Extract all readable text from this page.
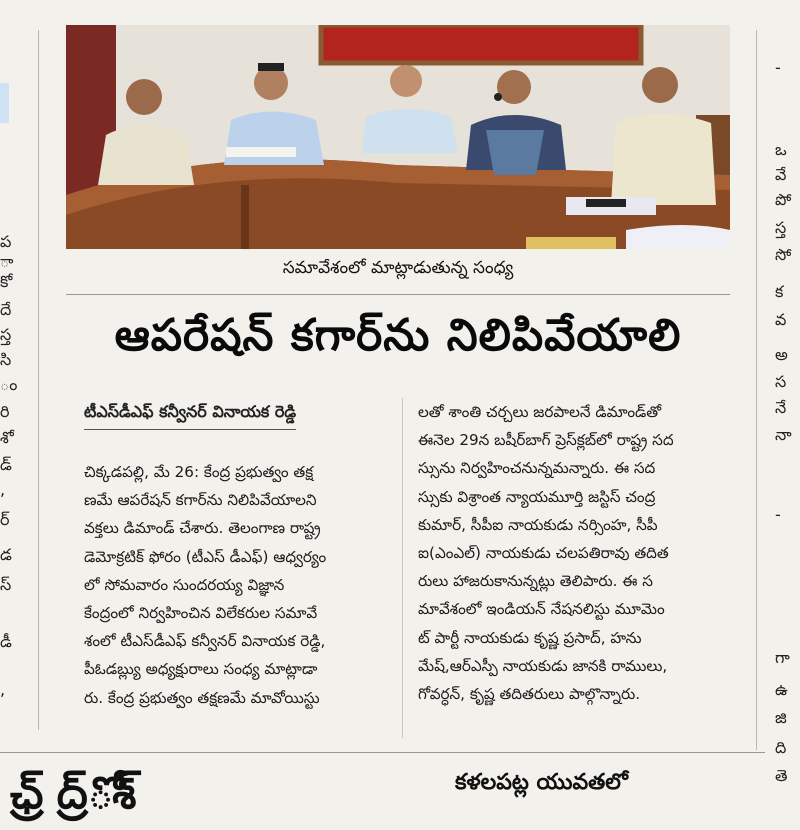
ప
ా
కో
దే
స్త
సి
ం
రి
శో
డ్
,
ర్
డ
స్
డీ
,
-
ఒ
వే
పో
స్త
సో
క
వ
అ
స
నే
నా
-
గా
ఉ
జి
ది
తె
సమావేశంలో మాట్లాడుతున్న సంధ్య
ఆపరేషన్ కగార్‌ను నిలిపివేయాలి
టీఎస్‌డీఎఫ్ కన్వీనర్ వినాయక రెడ్డి
చిక్కడపల్లి, మే 26: కేంద్ర ప్రభుత్వం తక్ష
ణమే ఆపరేషన్ కగార్‌ను నిలిపివేయాలని
వక్తలు డిమాండ్ చేశారు. తెలంగాణ రాష్ట్ర
డెమోక్రటిక్ ఫోరం (టీఎస్ డీఎఫ్) ఆధ్వర్యం
లో సోమవారం సుందరయ్య విజ్ఞాన
కేంద్రంలో నిర్వహించిన విలేకరుల సమావే
శంలో టీఎస్‌డీఎఫ్ కన్వీనర్ వినాయక రెడ్డి,
పీఓడబ్ల్యు అధ్యక్షురాలు సంధ్య మాట్లాడా
రు. కేంద్ర ప్రభుత్వం తక్షణమే మావోయిస్టు
లతో శాంతి చర్చలు జరపాలనే డిమాండ్‌తో
ఈనెల 29న బషీర్‌బాగ్ ప్రెస్‌క్లబ్‌లో రాష్ట్ర సద
స్సును నిర్వహించనున్నమన్నారు. ఈ సద
స్సుకు విశ్రాంత న్యాయమూర్తి జస్టిస్ చంద్ర
కుమార్, సీపీఐ నాయకుడు నర్సింహ, సీపీ
ఐ(ఎంఎల్) నాయకుడు చలపతిరావు తదిత
రులు హాజరుకానున్నట్లు తెలిపారు. ఈ స
మావేశంలో ఇండియన్ నేషనలిస్టు మూమెం
ట్ పార్టీ నాయకుడు కృష్ణ ప్రసాద్, హను
మేష్,ఆర్ఎస్పీ నాయకుడు జానకి రాములు,
గోవర్ధన్, కృష్ణ తదితరులు పాల్గొన్నారు.
ఛ్ర్ ద్ర్ోశ్	కళలపట్ల యువతలో
